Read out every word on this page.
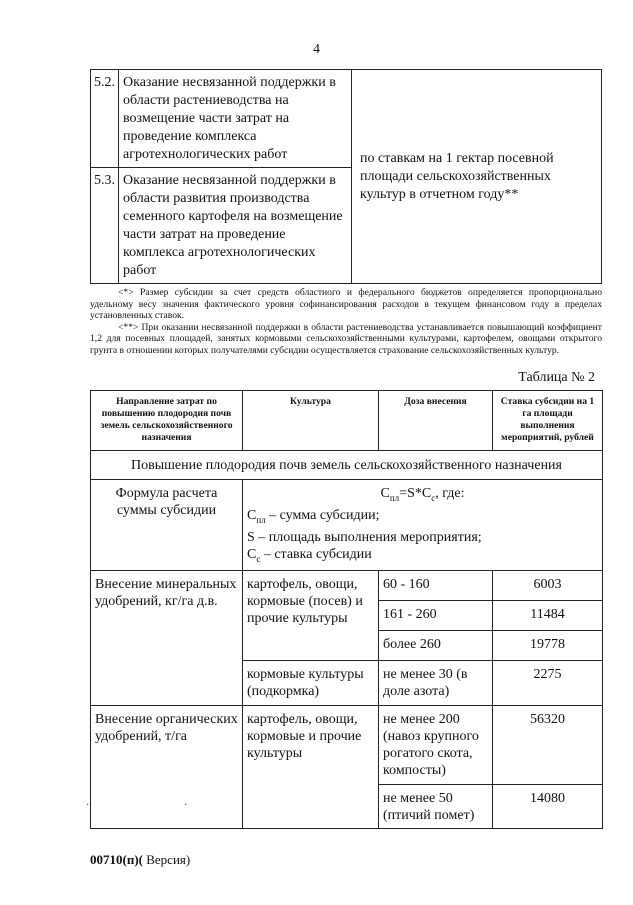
4
5.2.	Оказание несвязанной поддержки в области растениеводства на возмещение части затрат на проведение комплекса агротехнологических работ	по ставкам на 1 гектар посевной площади сельскохозяйственных культур в отчетном году**
5.3.	Оказание несвязанной поддержки в области развития производства семенного картофеля на возмещение части затрат на проведение комплекса агротехнологических работ	

<*> Размер субсидии за счет средств областного и федерального бюджетов определяется пропорционально удельному весу значения фактического уровня софинансирования расходов в текущем финансовом году в пределах установленных ставок.

<**> При оказании несвязанной поддержки в области растениеводства устанавливается повышающий коэффициент 1,2 для посевных площадей, занятых кормовыми сельскохозяйственными культурами, картофелем, овощами открытого грунта в отношении которых получателями субсидии осуществляется страхование сельскохозяйственных культур.

Таблица № 2
Направление затрат по повышению плодородия почв земель сельскохозяйственного назначения	Культура	Доза внесения	Ставка субсидии на 1 га площади выполнения мероприятий, рублей
Повышение плодородия почв земель сельскохозяйственного назначения			
Формула расчета суммы субсидии	$С_{пл}=S*С_с$, где:
$С_{пл}$ – сумма субсидии;
S – площадь выполнения мероприятия;
$С_с$ – ставка субсидии		

Внесение минеральных удобрений, кг/га д.в.	картофель, овощи, кормовые (посев) и прочие культуры	60 - 160	6003
		161 - 260	11484
		более 260	19778
	кормовые культуры (подкормка)	не менее 30 (в доле азота)	2275
Внесение органических удобрений, т/га	картофель, овощи, кормовые и прочие культуры	не менее 200 (навоз крупного рогатого скота, компосты)	56320
		не менее 50 (птичий помет)	14080
·	·
00710(п)( Версия)
